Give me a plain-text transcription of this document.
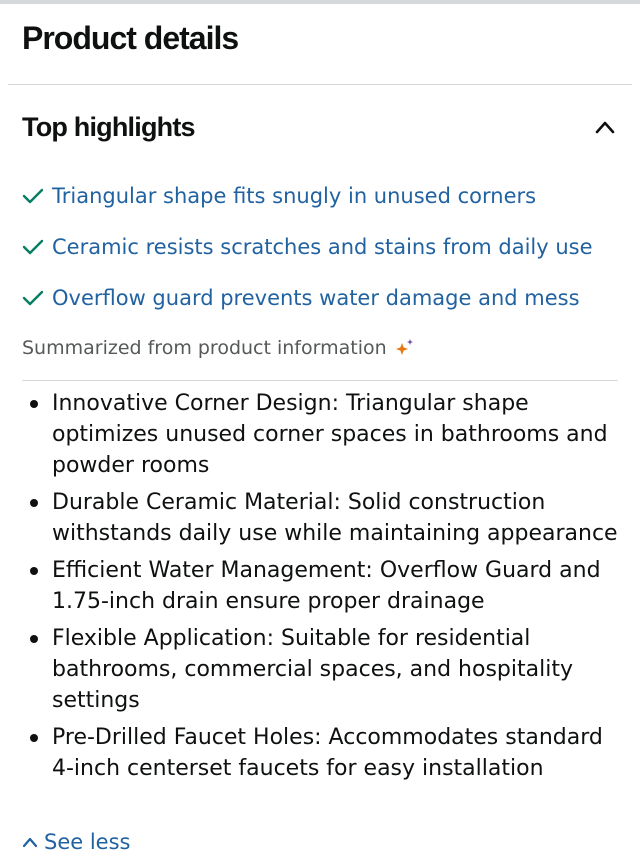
Product details
Top highlights
Triangular shape fits snugly in unused corners
Ceramic resists scratches and stains from daily use
Overflow guard prevents water damage and mess
Summarized from product information
Innovative Corner Design: Triangular shape optimizes unused corner spaces in bathrooms and powder rooms
Durable Ceramic Material: Solid construction withstands daily use while maintaining appearance
Efficient Water Management: Overflow Guard and 1.75-inch drain ensure proper drainage
Flexible Application: Suitable for residential bathrooms, commercial spaces, and hospitality settings
Pre-Drilled Faucet Holes: Accommodates standard 4-inch centerset faucets for easy installation
See less
